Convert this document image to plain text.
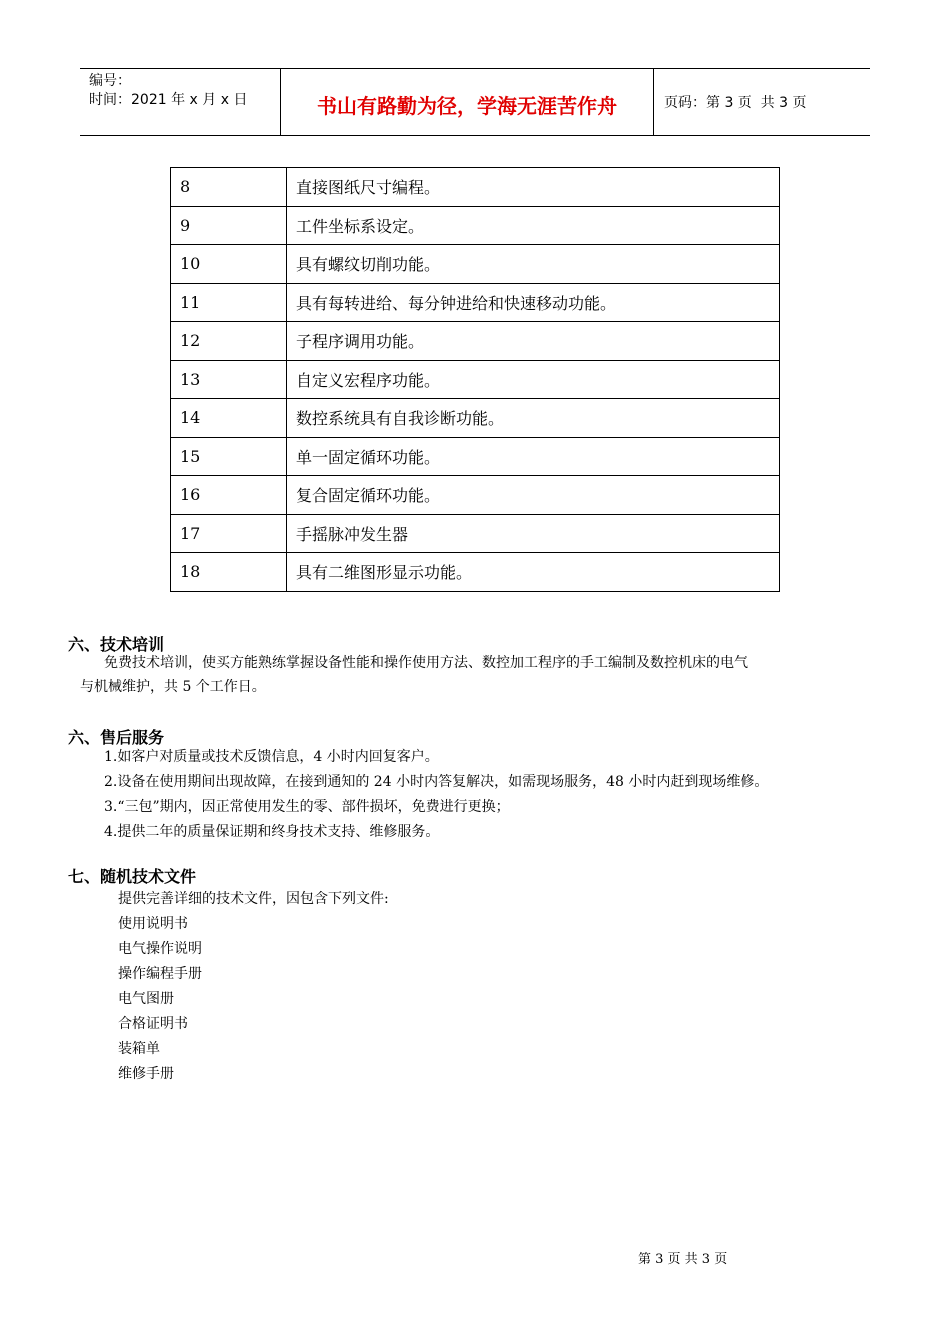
编号：
时间：2021 年 x 月 x 日	书山有路勤为径，学海无涯苦作舟	页码：第 3 页  共 3 页
8	直接图纸尺寸编程。
9	工件坐标系设定。
10	具有螺纹切削功能。
11	具有每转进给、每分钟进给和快速移动功能。
12	子程序调用功能。
13	自定义宏程序功能。
14	数控系统具有自我诊断功能。
15	单一固定循环功能。
16	复合固定循环功能。
17	手摇脉冲发生器
18	具有二维图形显示功能。
六、技术培训
免费技术培训，使买方能熟练掌握设备性能和操作使用方法、数控加工程序的手工编制及数控机床的电气
与机械维护，共 5 个工作日。
六、售后服务
1.如客户对质量或技术反馈信息，4 小时内回复客户。
2.设备在使用期间出现故障，在接到通知的 24 小时内答复解决，如需现场服务，48 小时内赶到现场维修。
3.“三包”期内，因正常使用发生的零、部件损坏，免费进行更换；
4.提供二年的质量保证期和终身技术支持、维修服务。
七、随机技术文件
提供完善详细的技术文件，因包含下列文件:
使用说明书
电气操作说明
操作编程手册
电气图册
合格证明书
装箱单
维修手册
第 3 页 共 3 页
